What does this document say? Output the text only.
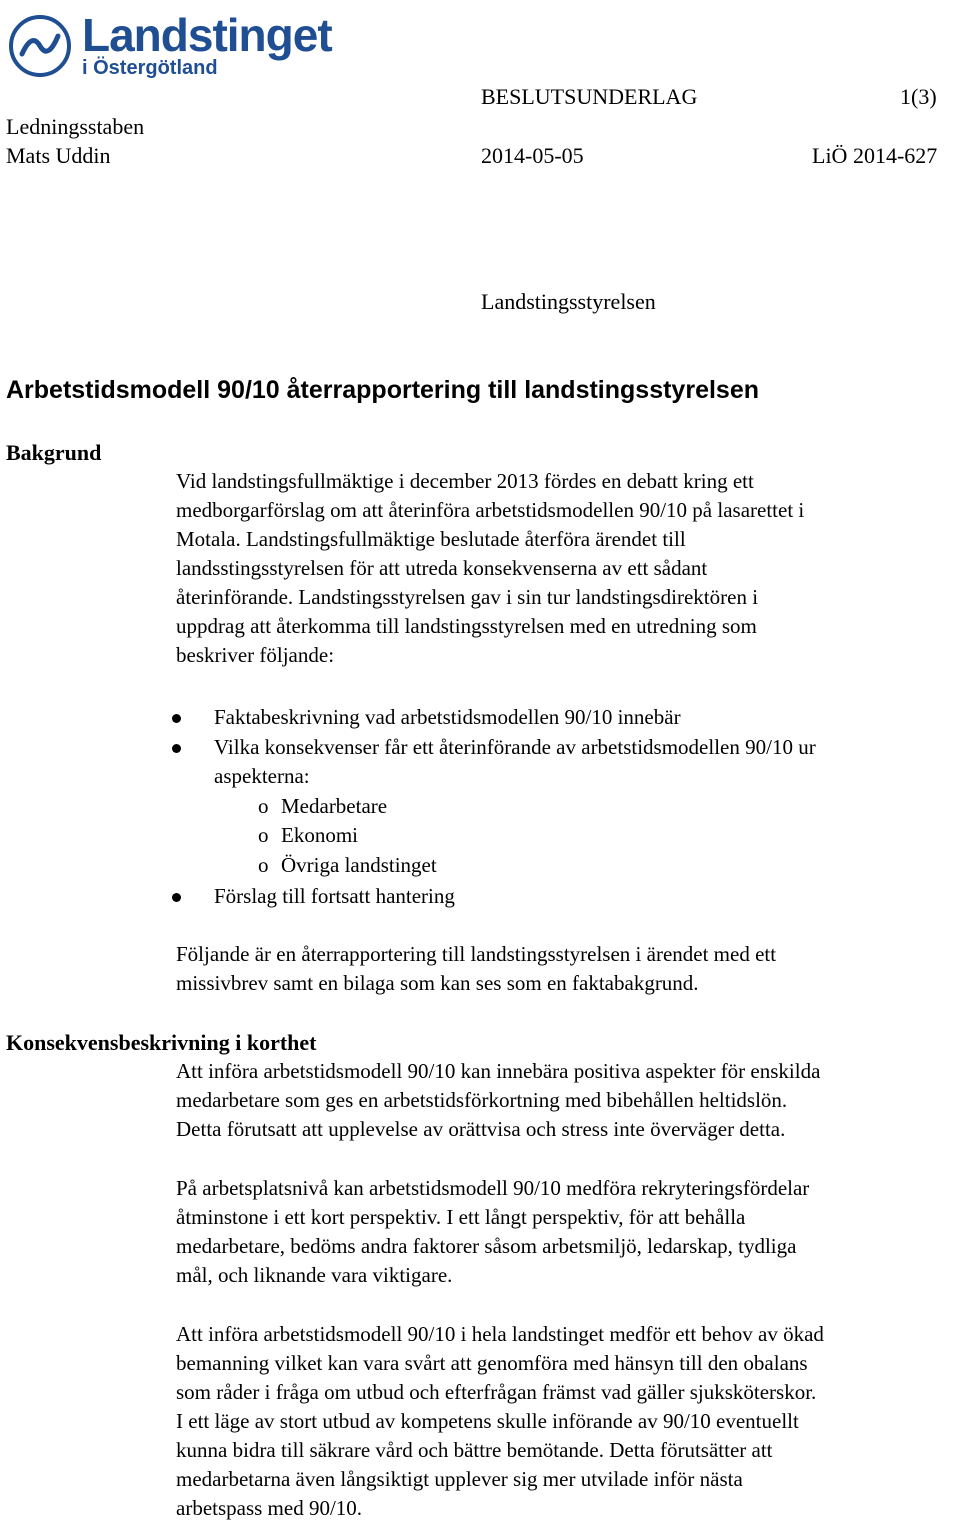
Landstinget
i Östergötland
BESLUTSUNDERLAG	1(3)
Ledningsstaben
Mats Uddin	2014-05-05	LiÖ 2014-627
Landstingsstyrelsen
Arbetstidsmodell 90/10 återrapportering till landstingsstyrelsen
Bakgrund

Vid landstingsfullmäktige i december 2013 fördes en debatt kring ett

medborgarförslag om att återinföra arbetstidsmodellen 90/10 på lasarettet i

Motala. Landstingsfullmäktige beslutade återföra ärendet till

landsstingsstyrelsen för att utreda konsekvenserna av ett sådant

återinförande. Landstingsstyrelsen gav i sin tur landstingsdirektören i

uppdrag att återkomma till landstingsstyrelsen med en utredning som

beskriver följande:

Faktabeskrivning vad arbetstidsmodellen 90/10 innebär
Vilka konsekvenser får ett återinförande av arbetstidsmodellen 90/10 ur
aspekterna:
o Medarbetare
o Ekonomi
o Övriga landstinget
Förslag till fortsatt hantering

Följande är en återrapportering till landstingsstyrelsen i ärendet med ett

missivbrev samt en bilaga som kan ses som en faktabakgrund.

Konsekvensbeskrivning i korthet

Att införa arbetstidsmodell 90/10 kan innebära positiva aspekter för enskilda

medarbetare som ges en arbetstidsförkortning med bibehållen heltidslön.

Detta förutsatt att upplevelse av orättvisa och stress inte överväger detta.

På arbetsplatsnivå kan arbetstidsmodell 90/10 medföra rekryteringsfördelar

åtminstone i ett kort perspektiv. I ett långt perspektiv, för att behålla

medarbetare, bedöms andra faktorer såsom arbetsmiljö, ledarskap, tydliga

mål, och liknande vara viktigare.

Att införa arbetstidsmodell 90/10 i hela landstinget medför ett behov av ökad

bemanning vilket kan vara svårt att genomföra med hänsyn till den obalans

som råder i fråga om utbud och efterfrågan främst vad gäller sjuksköterskor.

I ett läge av stort utbud av kompetens skulle införande av 90/10 eventuellt

kunna bidra till säkrare vård och bättre bemötande. Detta förutsätter att

medarbetarna även långsiktigt upplever sig mer utvilade inför nästa

arbetspass med 90/10.
